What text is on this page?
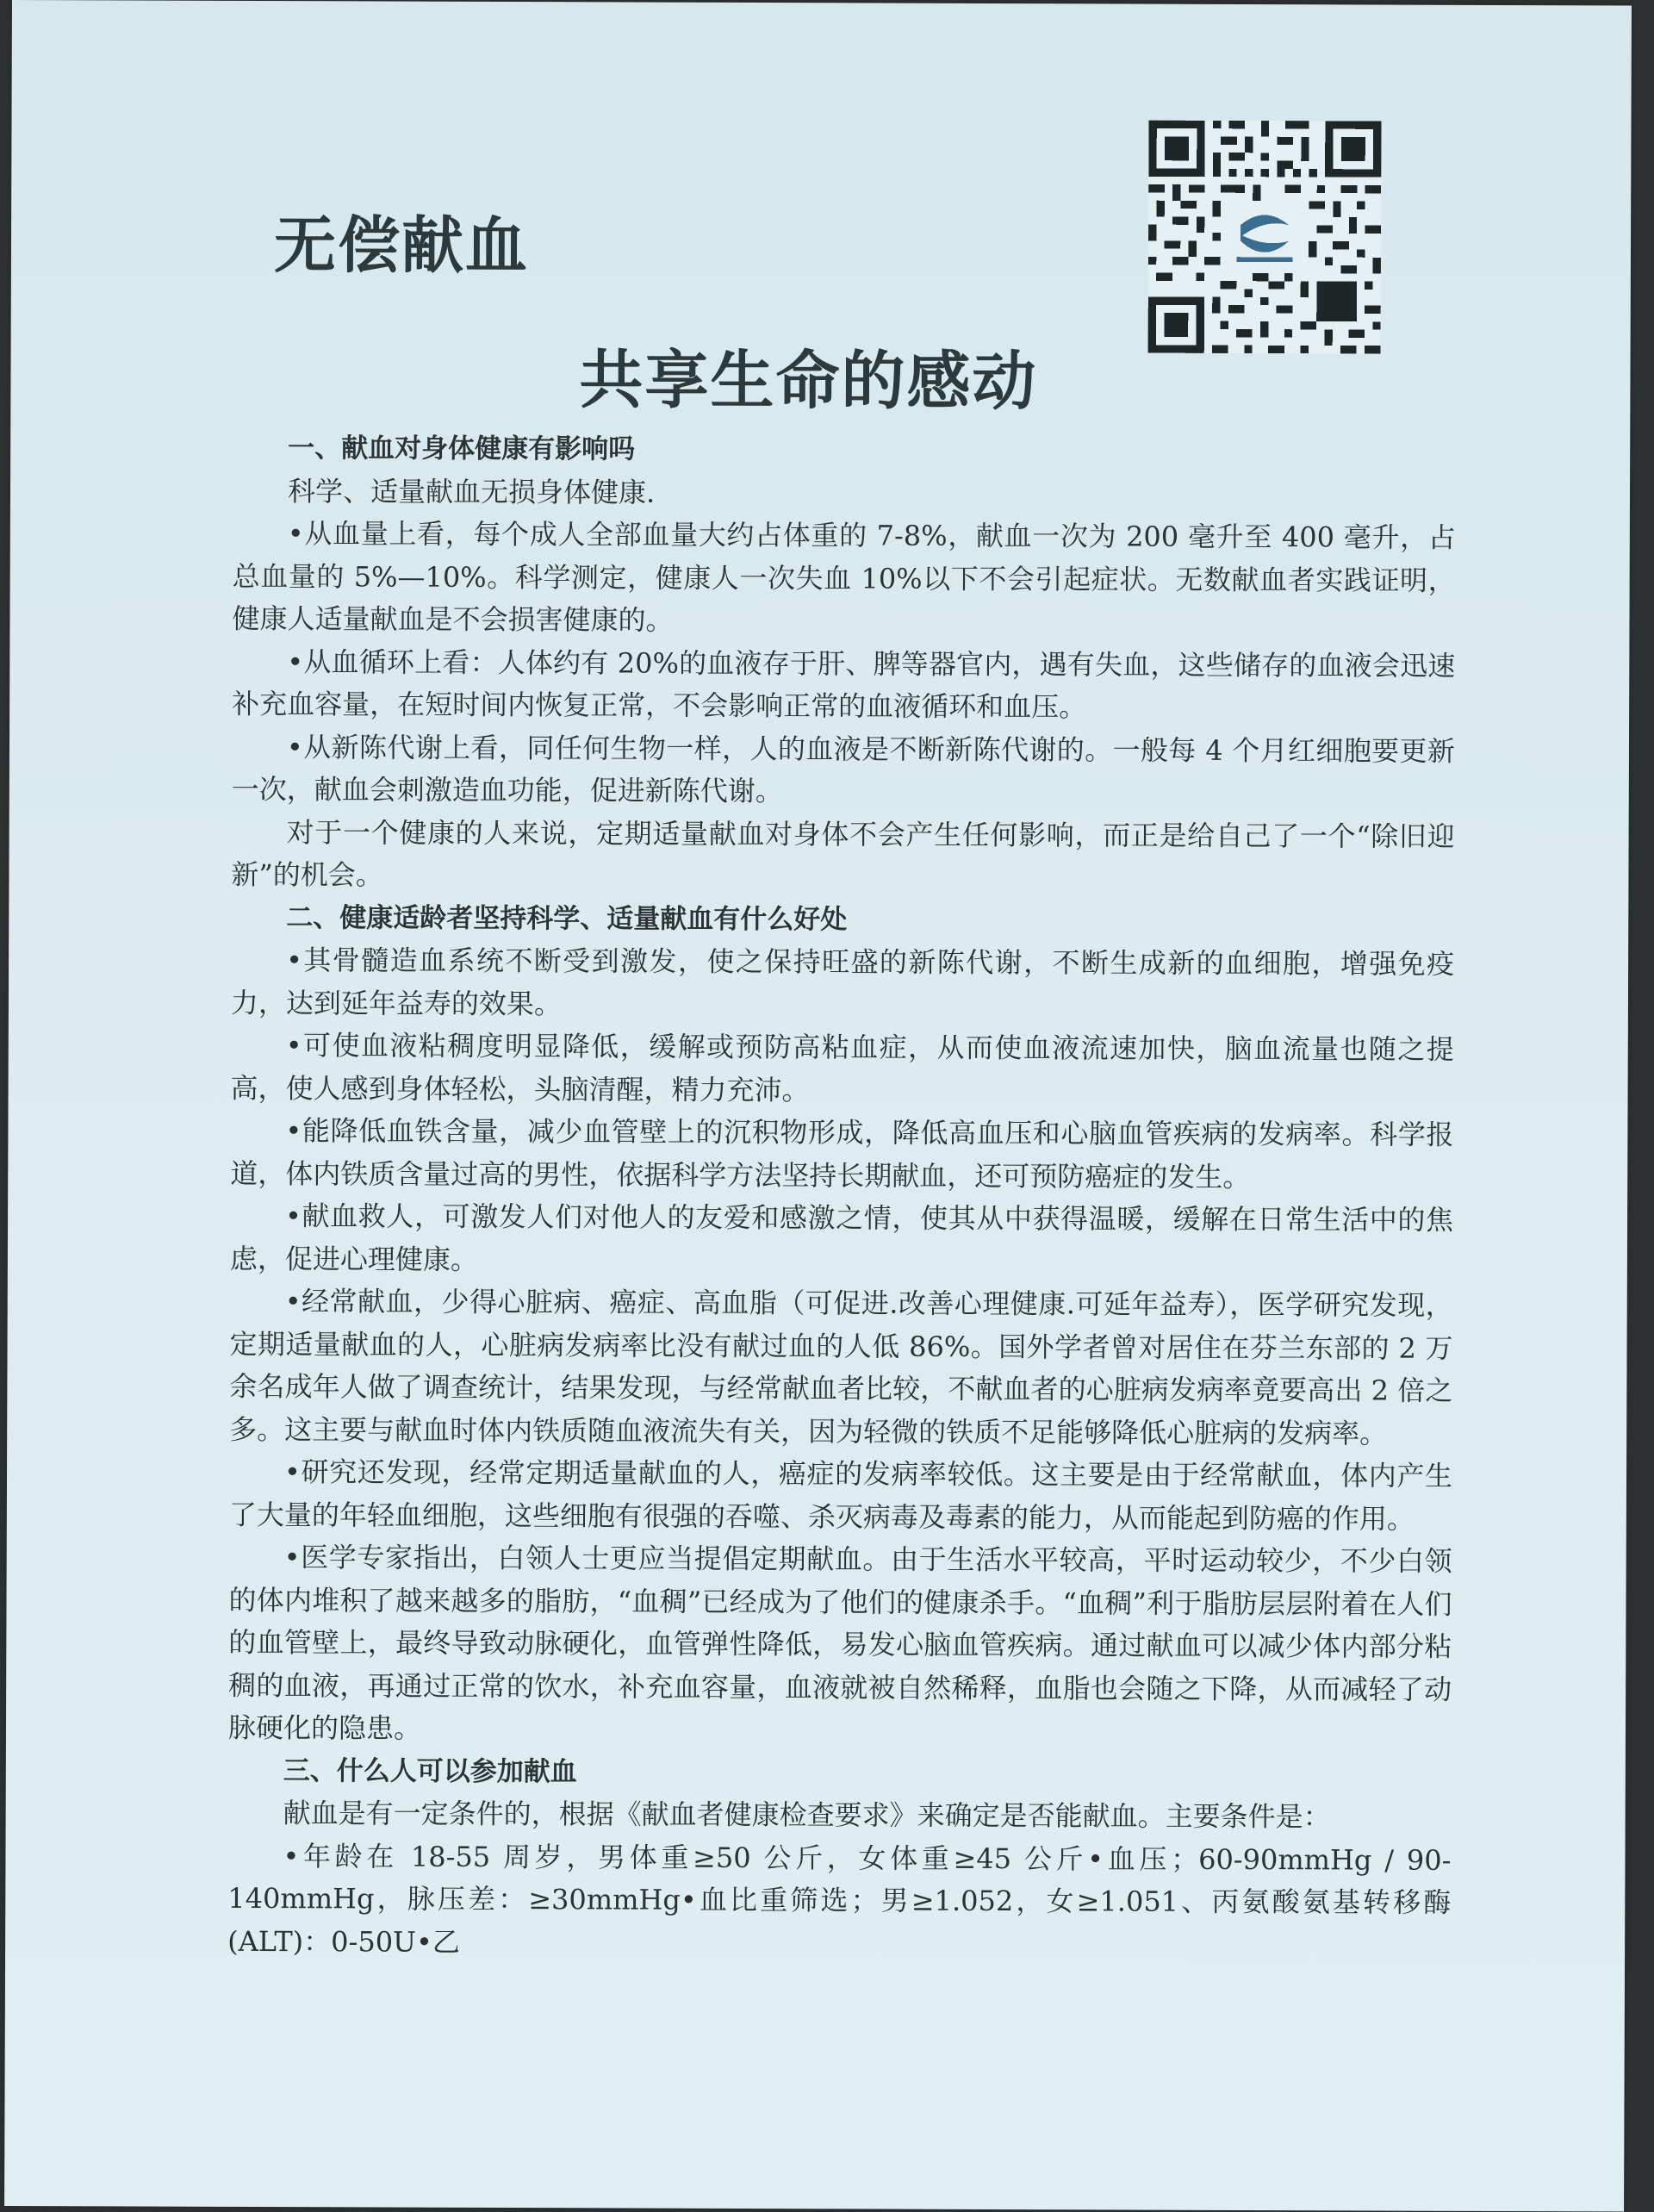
无偿献血
共享生命的感动
一、献血对身体健康有影响吗

科学、适量献血无损身体健康.

•从血量上看，每个成人全部血量大约占体重的 7-8%，献血一次为 200 毫升至 400 毫升，占总血量的 5%—10%。科学测定，健康人一次失血 10%以下不会引起症状。无数献血者实践证明，健康人适量献血是不会损害健康的。

•从血循环上看：人体约有 20%的血液存于肝、脾等器官内，遇有失血，这些储存的血液会迅速补充血容量，在短时间内恢复正常，不会影响正常的血液循环和血压。

•从新陈代谢上看，同任何生物一样，人的血液是不断新陈代谢的。一般每 4 个月红细胞要更新一次，献血会刺激造血功能，促进新陈代谢。

对于一个健康的人来说，定期适量献血对身体不会产生任何影响，而正是给自己了一个“除旧迎新”的机会。

二、健康适龄者坚持科学、适量献血有什么好处

•其骨髓造血系统不断受到激发，使之保持旺盛的新陈代谢，不断生成新的血细胞，增强免疫力，达到延年益寿的效果。

•可使血液粘稠度明显降低，缓解或预防高粘血症，从而使血液流速加快，脑血流量也随之提高，使人感到身体轻松，头脑清醒，精力充沛。

•能降低血铁含量，减少血管壁上的沉积物形成，降低高血压和心脑血管疾病的发病率。科学报道，体内铁质含量过高的男性，依据科学方法坚持长期献血，还可预防癌症的发生。

•献血救人，可激发人们对他人的友爱和感激之情，使其从中获得温暖，缓解在日常生活中的焦虑，促进心理健康。

•经常献血，少得心脏病、癌症、高血脂（可促进.改善心理健康.可延年益寿），医学研究发现，定期适量献血的人，心脏病发病率比没有献过血的人低 86%。国外学者曾对居住在芬兰东部的 2 万余名成年人做了调查统计，结果发现，与经常献血者比较，不献血者的心脏病发病率竟要高出 2 倍之多。这主要与献血时体内铁质随血液流失有关，因为轻微的铁质不足能够降低心脏病的发病率。

•研究还发现，经常定期适量献血的人，癌症的发病率较低。这主要是由于经常献血，体内产生了大量的年轻血细胞，这些细胞有很强的吞噬、杀灭病毒及毒素的能力，从而能起到防癌的作用。

•医学专家指出，白领人士更应当提倡定期献血。由于生活水平较高，平时运动较少，不少白领的体内堆积了越来越多的脂肪，“血稠”已经成为了他们的健康杀手。“血稠”利于脂肪层层附着在人们的血管壁上，最终导致动脉硬化，血管弹性降低，易发心脑血管疾病。通过献血可以减少体内部分粘稠的血液，再通过正常的饮水，补充血容量，血液就被自然稀释，血脂也会随之下降，从而减轻了动脉硬化的隐患。

三、什么人可以参加献血

献血是有一定条件的，根据《献血者健康检查要求》来确定是否能献血。主要条件是：

•年龄在 18-55 周岁，男体重≥50 公斤，女体重≥45 公斤•血压；60-90mmHg / 90-140mmHg，脉压差：≥30mmHg•血比重筛选；男≥1.052，女≥1.051、丙氨酸氨基转移酶(ALT)：0-50U•乙
